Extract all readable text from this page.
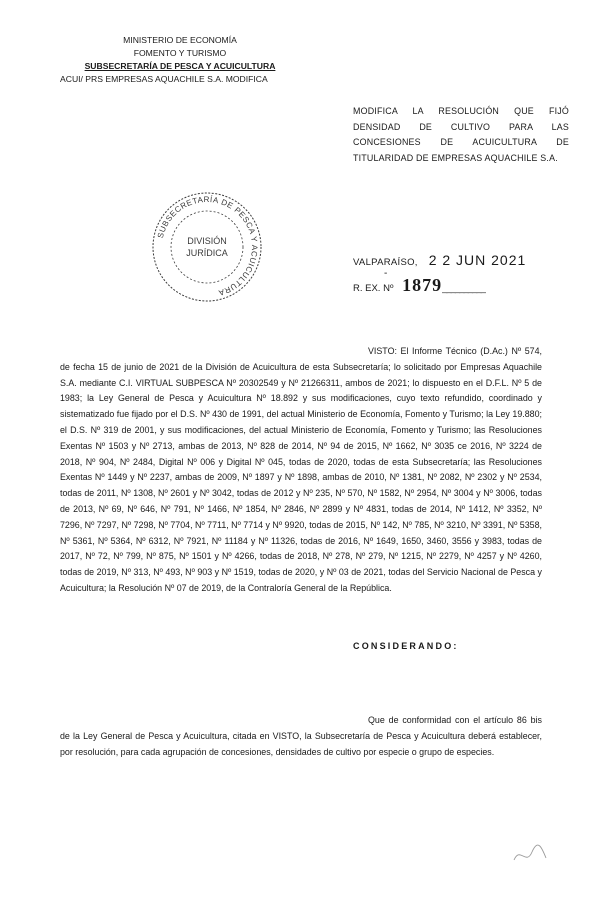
MINISTERIO DE ECONOMÍA
FOMENTO Y TURISMO
SUBSECRETARÍA DE PESCA Y ACUICULTURA
ACUI/ PRS EMPRESAS AQUACHILE S.A. MODIFICA
MODIFICA LA RESOLUCIÓN QUE FIJÓ DENSIDAD DE CULTIVO PARA LAS CONCESIONES DE ACUICULTURA DE TITULARIDAD DE EMPRESAS AQUACHILE S.A.
SUBSECRETARÍA DE PESCA Y ACUICULTURA
DIVISIÓN
JURÍDICA
VALPARAÍSO, 2 2 JUN 2021
-
R. EX. Nº 1879__________
VISTO: El Informe Técnico (D.Ac.) Nº 574, de fecha 15 de junio de 2021 de la División de Acuicultura de esta Subsecretaría; lo solicitado por Empresas Aquachile S.A. mediante C.I. VIRTUAL SUBPESCA Nº 20302549 y Nº 21266311, ambos de 2021; lo dispuesto en el D.F.L. Nº 5 de 1983; la Ley General de Pesca y Acuicultura Nº 18.892 y sus modificaciones, cuyo texto refundido, coordinado y sistematizado fue fijado por el D.S. Nº 430 de 1991, del actual Ministerio de Economía, Fomento y Turismo; la Ley 19.880; el D.S. Nº 319 de 2001, y sus modificaciones, del actual Ministerio de Economía, Fomento y Turismo; las Resoluciones Exentas Nº 1503 y Nº 2713, ambas de 2013, Nº 828 de 2014, Nº 94 de 2015, Nº 1662, Nº 3035 ce 2016, Nº 3224 de 2018, Nº 904, Nº 2484, Digital Nº 006 y Digital Nº 045, todas de 2020, todas de esta Subsecretaría; las Resoluciones Exentas Nº 1449 y Nº 2237, ambas de 2009, Nº 1897 y Nº 1898, ambas de 2010, Nº 1381, Nº 2082, Nº 2302 y Nº 2534, todas de 2011, Nº 1308, Nº 2601 y Nº 3042, todas de 2012 y Nº 235, Nº 570, Nº 1582, Nº 2954, Nº 3004 y Nº 3006, todas de 2013, Nº 69, Nº 646, Nº 791, Nº 1466, Nº 1854, Nº 2846, Nº 2899 y Nº 4831, todas de 2014, Nº 1412, Nº 3352, Nº 7296, Nº 7297, Nº 7298, Nº 7704, Nº 7711, Nº 7714 y Nº 9920, todas de 2015, Nº 142, Nº 785, Nº 3210, Nº 3391, Nº 5358, Nº 5361, Nº 5364, Nº 6312, Nº 7921, Nº 11184 y Nº 11326, todas de 2016, Nº 1649, 1650, 3460, 3556 y 3983, todas de 2017, Nº 72, Nº 799, Nº 875, Nº 1501 y Nº 4266, todas de 2018, Nº 278, Nº 279, Nº 1215, Nº 2279, Nº 4257 y Nº 4260, todas de 2019, Nº 313, Nº 493, Nº 903 y Nº 1519, todas de 2020, y Nº 03 de 2021, todas del Servicio Nacional de Pesca y Acuicultura; la Resolución Nº 07 de 2019, de la Contraloría General de la República.
CONSIDERANDO:
Que de conformidad con el artículo 86 bis de la Ley General de Pesca y Acuicultura, citada en VISTO, la Subsecretaría de Pesca y Acuicultura deberá establecer, por resolución, para cada agrupación de concesiones, densidades de cultivo por especie o grupo de especies.
